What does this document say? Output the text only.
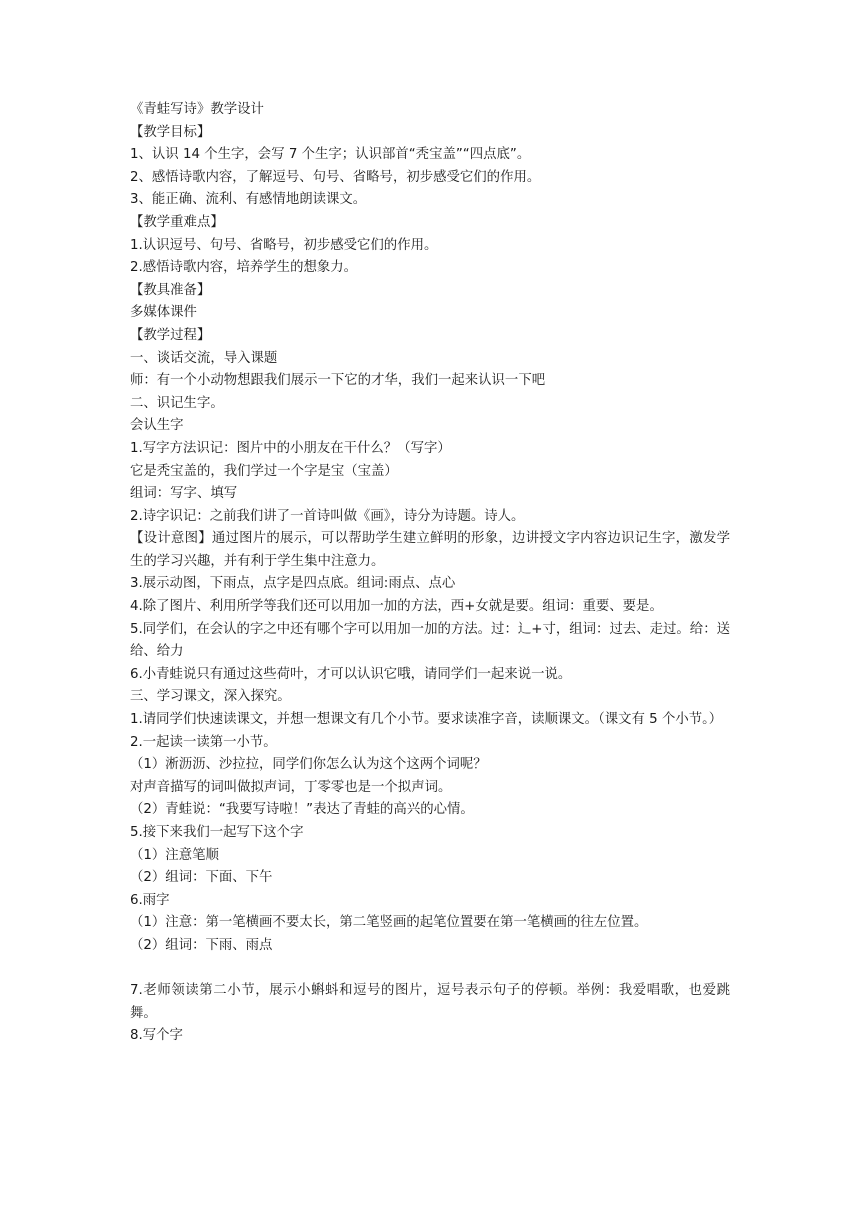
《青蛙写诗》教学设计
【教学目标】
1、认识 14 个生字，会写 7 个生字；认识部首“秃宝盖”“四点底”。
2、感悟诗歌内容，了解逗号、句号、省略号，初步感受它们的作用。
3、能正确、流利、有感情地朗读课文。
【教学重难点】
1.认识逗号、句号、省略号，初步感受它们的作用。
2.感悟诗歌内容，培养学生的想象力。
【教具准备】
多媒体课件
【教学过程】
一、谈话交流，导入课题
师：有一个小动物想跟我们展示一下它的才华，我们一起来认识一下吧
二、识记生字。
会认生字
1.写字方法识记：图片中的小朋友在干什么？（写字）
它是秃宝盖的，我们学过一个字是宝（宝盖）
组词：写字、填写
2.诗字识记：之前我们讲了一首诗叫做《画》，诗分为诗题。诗人。
【设计意图】通过图片的展示，可以帮助学生建立鲜明的形象，边讲授文字内容边识记生字，激发学生的学习兴趣，并有利于学生集中注意力。
3.展示动图，下雨点，点字是四点底。组词:雨点、点心
4.除了图片、利用所学等我们还可以用加一加的方法，西+女就是要。组词：重要、要是。
5.同学们，在会认的字之中还有哪个字可以用加一加的方法。过：辶+寸，组词：过去、走过。给：送给、给力
6.小青蛙说只有通过这些荷叶，才可以认识它哦，请同学们一起来说一说。
三、学习课文，深入探究。
1.请同学们快速读课文，并想一想课文有几个小节。要求读准字音，读顺课文。（课文有 5 个小节。）
2.一起读一读第一小节。
（1）淅沥沥、沙拉拉，同学们你怎么认为这个这两个词呢？
对声音描写的词叫做拟声词，丁零零也是一个拟声词。
（2）青蛙说：“我要写诗啦！”表达了青蛙的高兴的心情。
5.接下来我们一起写下这个字
（1）注意笔顺
（2）组词：下面、下午
6.雨字
（1）注意：第一笔横画不要太长，第二笔竖画的起笔位置要在第一笔横画的往左位置。
（2）组词：下雨、雨点
7.老师领读第二小节，展示小蝌蚪和逗号的图片，逗号表示句子的停顿。举例：我爱唱歌，也爱跳舞。
8.写个字
